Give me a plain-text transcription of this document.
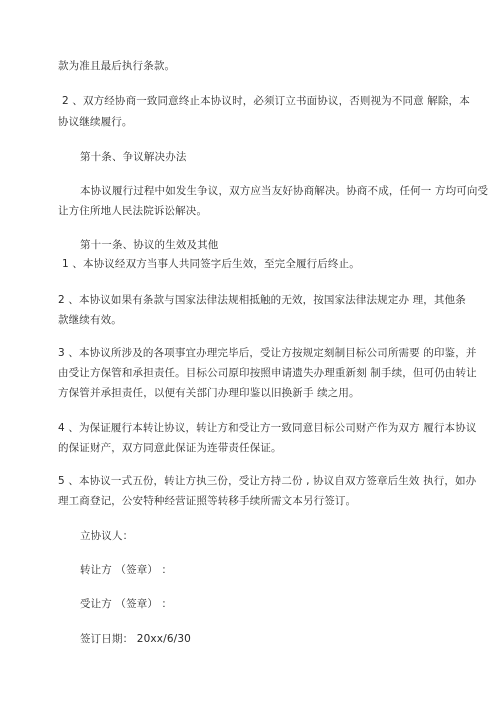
款为准且最后执行条款。
2 、双方经协商一致同意终止本协议时，必须订立书面协议，否则视为不同意 解除，本
协议继续履行。
第十条、争议解决办法
本协议履行过程中如发生争议，双方应当友好协商解决。协商不成，任何一 方均可向受
让方住所地人民法院诉讼解决。
第十一条、协议的生效及其他
1 、本协议经双方当事人共同签字后生效，至完全履行后终止。
2 、本协议如果有条款与国家法律法规相抵触的无效，按国家法律法规定办 理，其他条
款继续有效。
3 、本协议所涉及的各项事宜办理完毕后，受让方按规定刻制目标公司所需要 的印鉴，并
由受让方保管和承担责任。目标公司原印按照申请遗失办理重新刻 制手续，但可仍由转让
方保管并承担责任，以便有关部门办理印鉴以旧换新手 续之用。
4 、为保证履行本转让协议，转让方和受让方一致同意目标公司财产作为双方 履行本协议
的保证财产，双方同意此保证为连带责任保证。
5 、本协议一式五份，转让方执三份，受让方持二份 , 协议自双方签章后生效 执行，如办
理工商登记，公安特种经营证照等转移手续所需文本另行签订。
立协议人：
转让方 （签章） ：
受让方 （签章） ：
签订日期： 20xx/6/30
